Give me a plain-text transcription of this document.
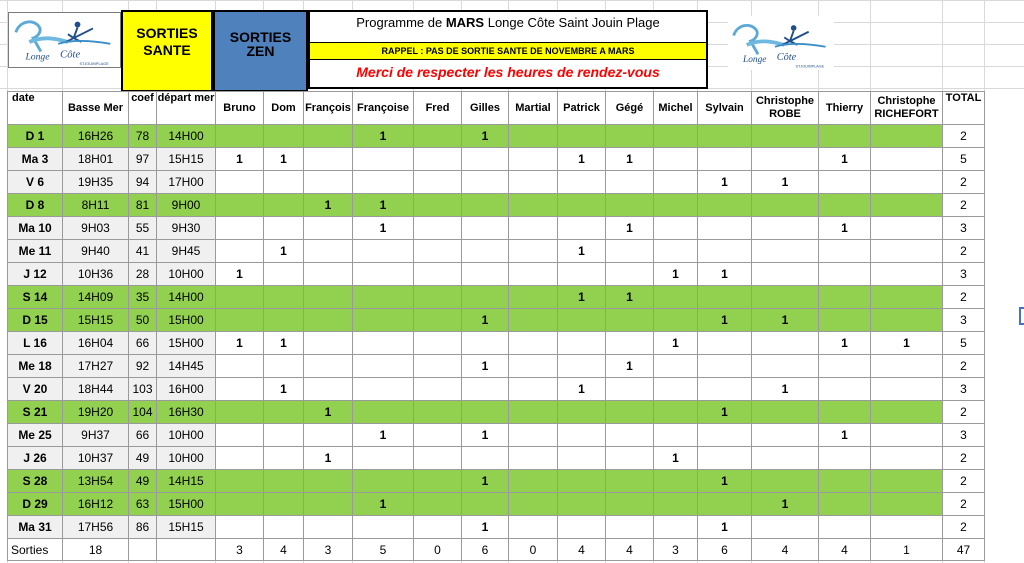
Longe Côte
STJOUINPLAGE
SORTIES SANTE
SORTIES ZEN
Programme de MARS Longe Côte Saint Jouin Plage
RAPPEL : PAS DE SORTIE SANTE DE NOVEMBRE A MARS
Merci de respecter les heures de rendez-vous
Longe Côte
STJOUINPLAGE
date	Basse Mer	coef	départ mer	Bruno	Dom	François	Françoise	Fred	Gilles	Martial	Patrick	Gégé	Michel	Sylvain	Christophe ROBE	Thierry	Christophe RICHEFORT	TOTAL
D 1	16H26	78	14H00				1		1									2
Ma 3	18H01	97	15H15	1	1						1	1				1		5
V 6	19H35	94	17H00											1	1			2
D 8	8H11	81	9H00			1	1											2
Ma 10	9H03	55	9H30				1					1				1		3
Me 11	9H40	41	9H45		1						1							2
J 12	10H36	28	10H00	1									1	1				3
S 14	14H09	35	14H00								1	1						2
D 15	15H15	50	15H00						1					1	1			3
L 16	16H04	66	15H00	1	1								1			1	1	5
Me 18	17H27	92	14H45						1			1						2
V 20	18H44	103	16H00		1						1				1			3
S 21	19H20	104	16H30			1								1				2
Me 25	9H37	66	10H00				1		1							1		3
J 26	10H37	49	10H00			1							1					2
S 28	13H54	49	14H15						1					1				2
D 29	16H12	63	15H00				1								1			2
Ma 31	17H56	86	15H15						1					1				2
Sorties	18			3	4	3	5	0	6	0	4	4	3	6	4	4	1	47
